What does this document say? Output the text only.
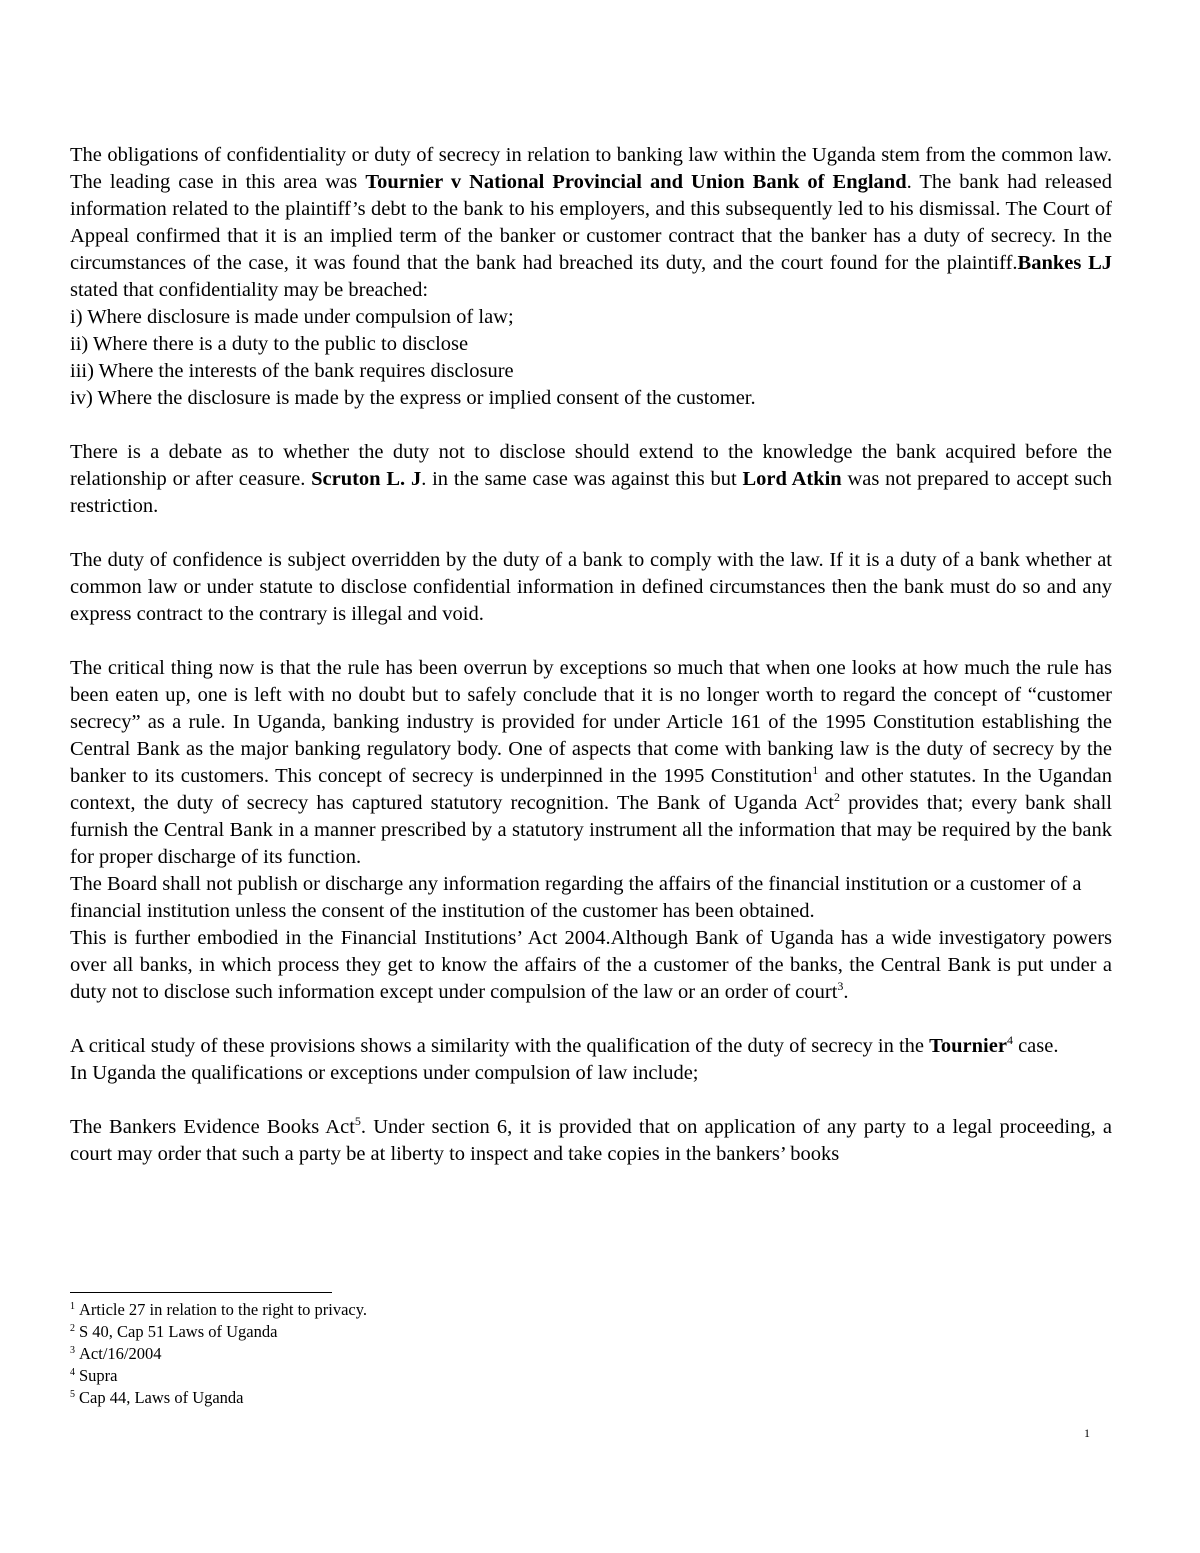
The obligations of confidentiality or duty of secrecy in relation to banking law within the Uganda stem from the common law. The leading case in this area was Tournier v National Provincial and Union Bank of England. The bank had released information related to the plaintiff’s debt to the bank to his employers, and this subsequently led to his dismissal. The Court of Appeal confirmed that it is an implied term of the banker or customer contract that the banker has a duty of secrecy. In the circumstances of the case, it was found that the bank had breached its duty, and the court found for the plaintiff.Bankes LJ stated that confidentiality may be breached:

i) Where disclosure is made under compulsion of law;

ii) Where there is a duty to the public to disclose

iii) Where the interests of the bank requires disclosure

iv) Where the disclosure is made by the express or implied consent of the customer.

There is a debate as to whether the duty not to disclose should extend to the knowledge the bank acquired before the relationship or after ceasure. Scruton L. J. in the same case was against this but Lord Atkin was not prepared to accept such restriction.

The duty of confidence is subject overridden by the duty of a bank to comply with the law. If it is a duty of a bank whether at common law or under statute to disclose confidential information in defined circumstances then the bank must do so and any express contract to the contrary is illegal and void.

The critical thing now is that the rule has been overrun by exceptions so much that when one looks at how much the rule has been eaten up, one is left with no doubt but to safely conclude that it is no longer worth to regard the concept of “customer secrecy” as a rule. In Uganda, banking industry is provided for under Article 161 of the 1995 Constitution establishing the Central Bank as the major banking regulatory body. One of aspects that come with banking law is the duty of secrecy by the banker to its customers. This concept of secrecy is underpinned in the 1995 Constitution$^1$ and other statutes. In the Ugandan context, the duty of secrecy has captured statutory recognition. The Bank of Uganda Act$^2$ provides that; every bank shall furnish the Central Bank in a manner prescribed by a statutory instrument all the information that may be required by the bank for proper discharge of its function.

The Board shall not publish or discharge any information regarding the affairs of the financial institution or a customer of a financial institution unless the consent of the institution of the customer has been obtained.

This is further embodied in the Financial Institutions’ Act 2004.Although Bank of Uganda has a wide investigatory powers over all banks, in which process they get to know the affairs of the a customer of the banks, the Central Bank is put under a duty not to disclose such information except under compulsion of the law or an order of court$^3$.

A critical study of these provisions shows a similarity with the qualification of the duty of secrecy in the Tournier$^4$ case.

In Uganda the qualifications or exceptions under compulsion of law include;

The Bankers Evidence Books Act$^5$. Under section 6, it is provided that on application of any party to a legal proceeding, a court may order that such a party be at liberty to inspect and take copies in the bankers’ books

$^1$ Article 27 in relation to the right to privacy.

$^2$ S 40, Cap 51 Laws of Uganda

$^3$ Act/16/2004

$^4$ Supra

$^5$ Cap 44, Laws of Uganda

1
